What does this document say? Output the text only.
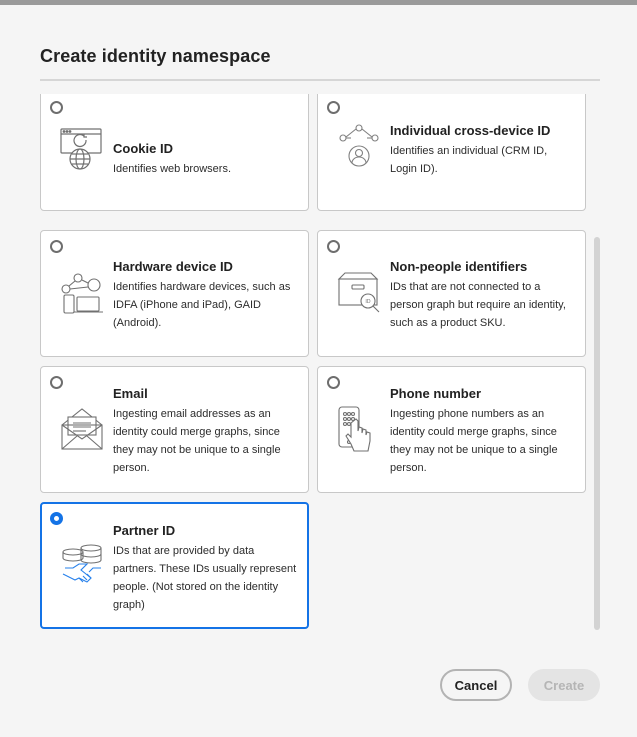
Create identity namespace
Cookie ID
Identifies web browsers.
Individual cross-device ID
Identifies an individual (CRM ID, Login ID).
Hardware device ID
Identifies hardware devices, such as IDFA (iPhone and iPad), GAID (Android).
ID
Non-people identifiers
IDs that are not connected to a person graph but require an identity, such as a product SKU.
Email
Ingesting email addresses as an identity could merge graphs, since they may not be unique to a single person.
Phone number
Ingesting phone numbers as an identity could merge graphs, since they may not be unique to a single person.
Partner ID
IDs that are provided by data partners. These IDs usually represent people. (Not stored on the identity graph)
Cancel	Create
